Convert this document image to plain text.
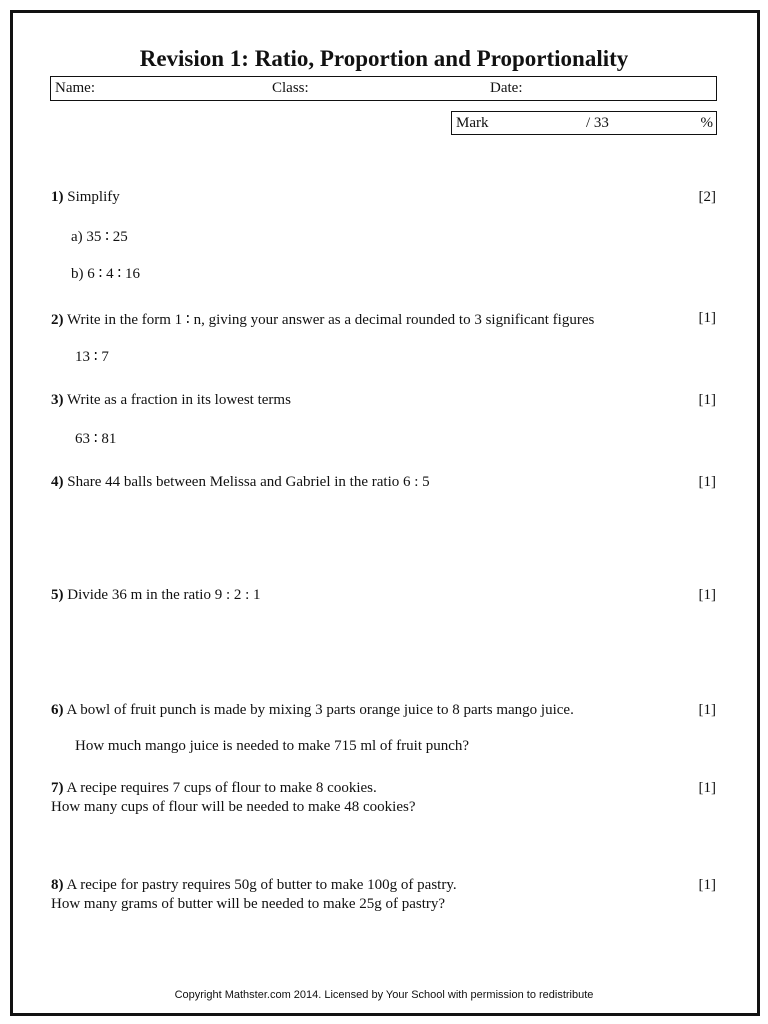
Revision 1: Ratio, Proportion and Proportionality
Name:	Class:	Date:
Mark	/ 33	%
1) Simplify	[2]
a) 35 ∶ 25
b) 6 ∶ 4 ∶ 16
2) Write in the form 1 ∶ n, giving your answer as a decimal rounded to 3 significant figures	[1]
13 ∶ 7
3) Write as a fraction in its lowest terms	[1]
63 ∶ 81
4) Share 44 balls between Melissa and Gabriel in the ratio 6 : 5	[1]
5) Divide 36 m in the ratio 9 : 2 : 1	[1]
6) A bowl of fruit punch is made by mixing 3 parts orange juice to 8 parts mango juice.	[1]
How much mango juice is needed to make 715 ml of fruit punch?
7) A recipe requires 7 cups of flour to make 8 cookies.	[1]
How many cups of flour will be needed to make 48 cookies?
8) A recipe for pastry requires 50g of butter to make 100g of pastry.	[1]
How many grams of butter will be needed to make 25g of pastry?
Copyright Mathster.com 2014. Licensed by Your School with permission to redistribute
